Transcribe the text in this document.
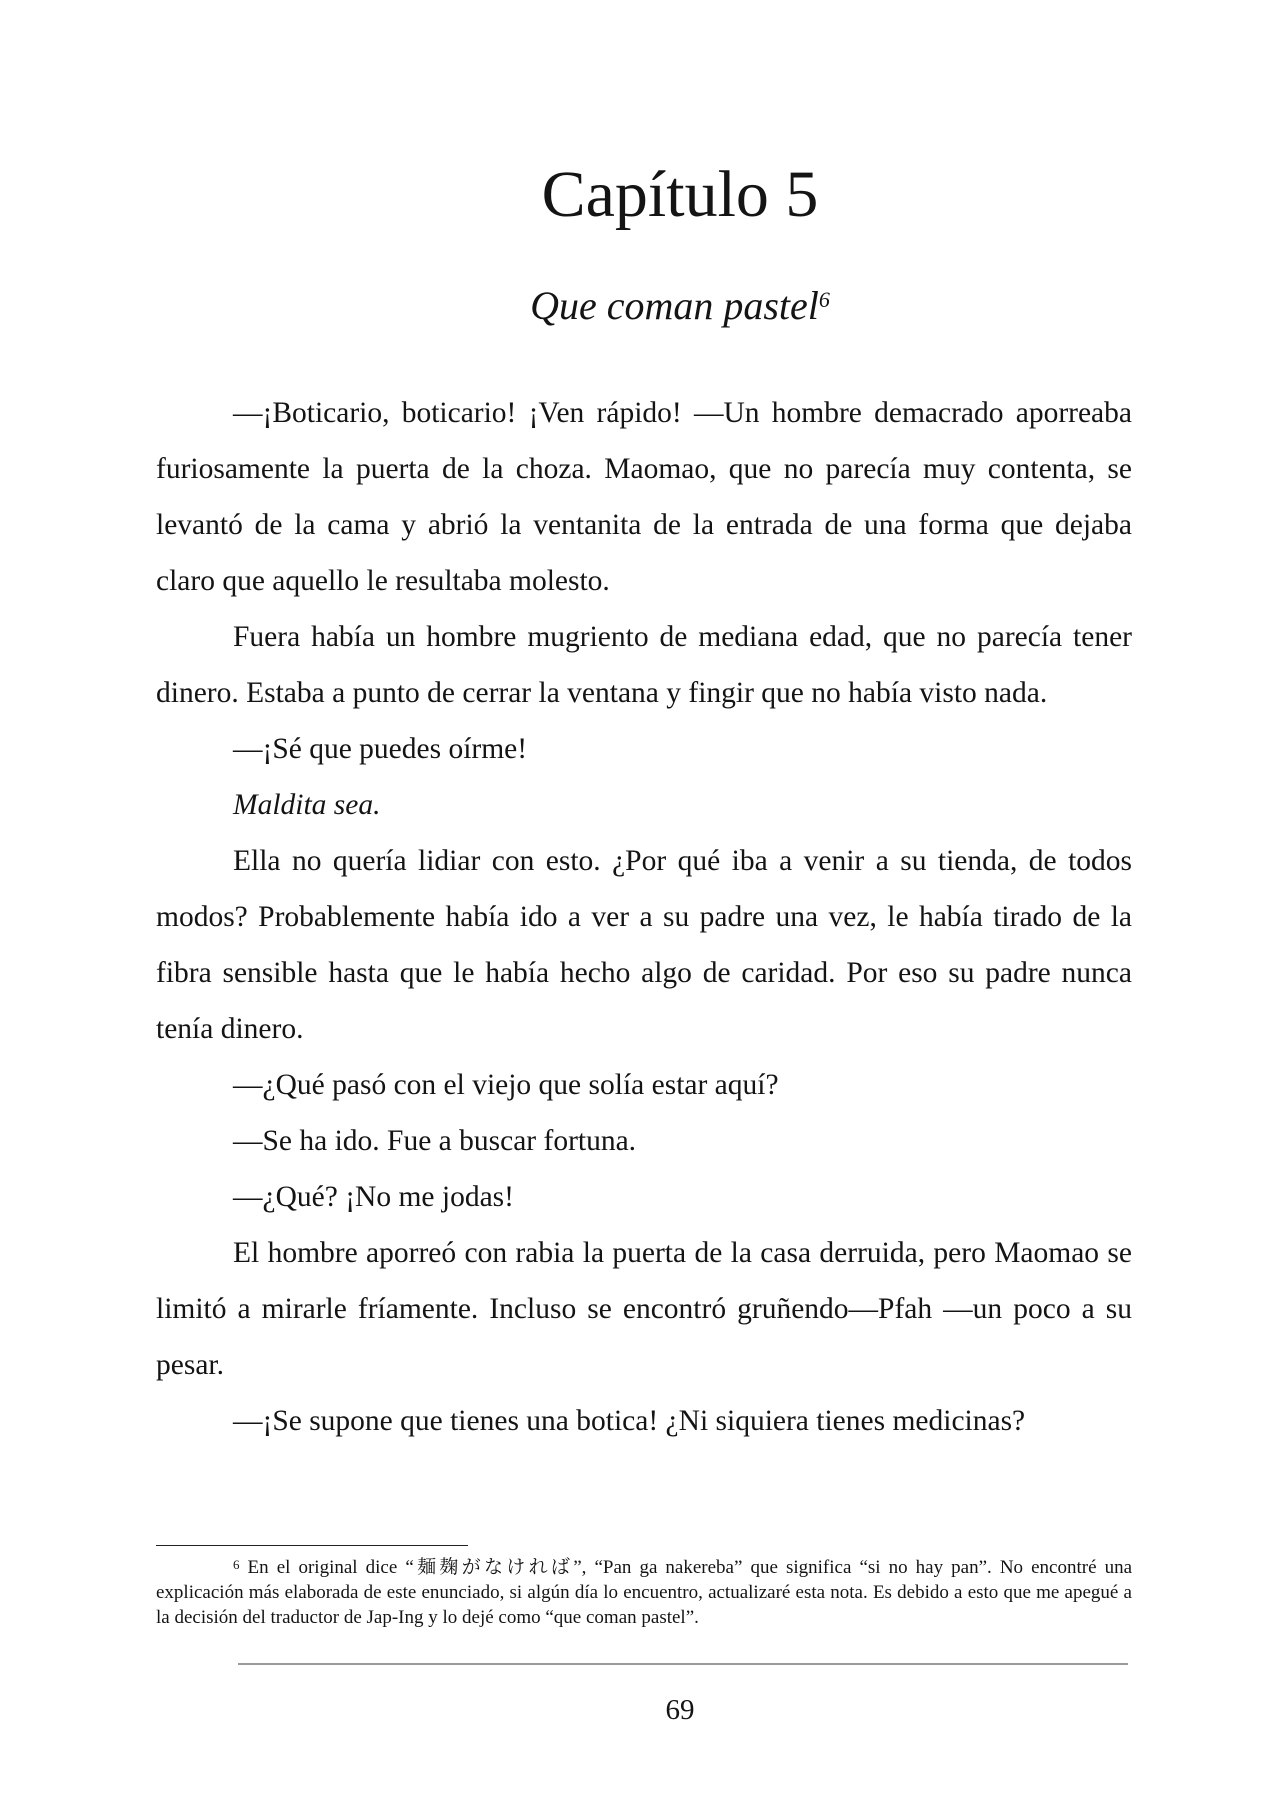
Capítulo 5
Que coman pastel$^6$

—¡Boticario, boticario! ¡Ven rápido! —Un hombre demacrado aporreaba furiosamente la puerta de la choza. Maomao, que no parecía muy contenta, se levantó de la cama y abrió la ventanita de la entrada de una forma que dejaba claro que aquello le resultaba molesto.

Fuera había un hombre mugriento de mediana edad, que no parecía tener dinero. Estaba a punto de cerrar la ventana y fingir que no había visto nada.

—¡Sé que puedes oírme!

Maldita sea.

Ella no quería lidiar con esto. ¿Por qué iba a venir a su tienda, de todos modos? Probablemente había ido a ver a su padre una vez, le había tirado de la fibra sensible hasta que le había hecho algo de caridad. Por eso su padre nunca tenía dinero.

—¿Qué pasó con el viejo que solía estar aquí?

—Se ha ido. Fue a buscar fortuna.

—¿Qué? ¡No me jodas!

El hombre aporreó con rabia la puerta de la casa derruida, pero Maomao se limitó a mirarle fríamente. Incluso se encontró gruñendo—Pfah —un poco a su pesar.

—¡Se supone que tienes una botica! ¿Ni siquiera tienes medicinas?

$^6$ En el original dice “麺麹がなければ”, “Pan ga nakereba” que significa “si no hay pan”. No encontré una explicación más elaborada de este enunciado, si algún día lo encuentro, actualizaré esta nota. Es debido a esto que me apegué a la decisión del traductor de Jap-Ing y lo dejé como “que coman pastel”.

69
